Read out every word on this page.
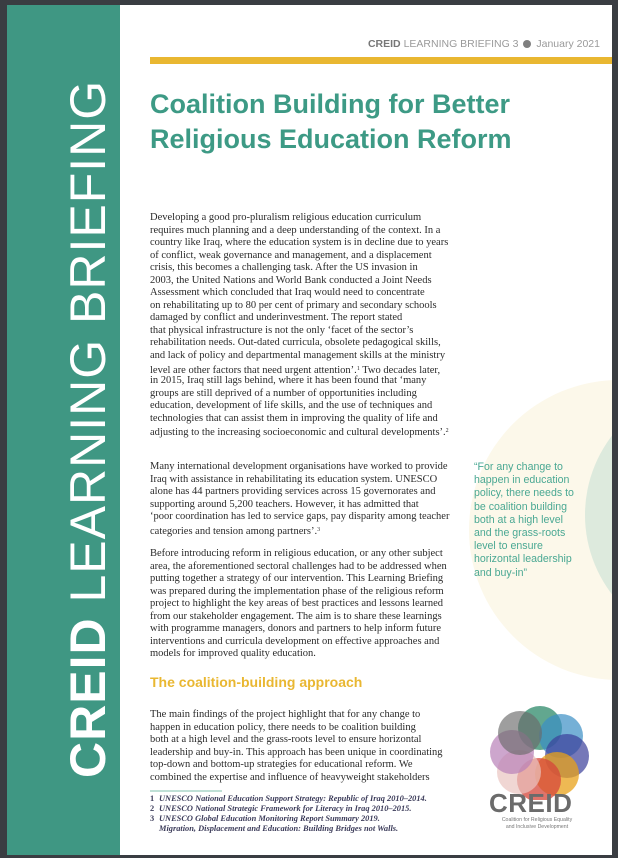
CREID LEARNING BRIEFING
CREID LEARNING BRIEFING 3 January 2021
Coalition Building for Better
Religious Education Reform
Developing a good pro-pluralism religious education curriculum
requires much planning and a deep understanding of the context. In a
country like Iraq, where the education system is in decline due to years
of conflict, weak governance and management, and a displacement
crisis, this becomes a challenging task. After the US invasion in
2003, the United Nations and World Bank conducted a Joint Needs
Assessment which concluded that Iraq would need to concentrate
on rehabilitating up to 80 per cent of primary and secondary schools
damaged by conflict and underinvestment. The report stated
that physical infrastructure is not the only ‘facet of the sector’s
rehabilitation needs. Out-dated curricula, obsolete pedagogical skills,
and lack of policy and departmental management skills at the ministry
level are other factors that need urgent attention’.$^1$ Two decades later,
in 2015, Iraq still lags behind, where it has been found that ‘many
groups are still deprived of a number of opportunities including
education, development of life skills, and the use of techniques and
technologies that can assist them in improving the quality of life and
adjusting to the increasing socioeconomic and cultural developments’.$^2$
Many international development organisations have worked to provide
Iraq with assistance in rehabilitating its education system. UNESCO
alone has 44 partners providing services across 15 governorates and
supporting around 5,200 teachers. However, it has admitted that
‘poor coordination has led to service gaps, pay disparity among teacher
categories and tension among partners’.$^3$
Before introducing reform in religious education, or any other subject
area, the aforementioned sectoral challenges had to be addressed when
putting together a strategy of our intervention. This Learning Briefing
was prepared during the implementation phase of the religious reform
project to highlight the key areas of best practices and lessons learned
from our stakeholder engagement. The aim is to share these learnings
with programme managers, donors and partners to help inform future
interventions and curricula development on effective approaches and
models for improved quality education.
The coalition-building approach
The main findings of the project highlight that for any change to
happen in education policy, there needs to be coalition building
both at a high level and the grass-roots level to ensure horizontal
leadership and buy-in. This approach has been unique in coordinating
top-down and bottom-up strategies for educational reform. We
combined the expertise and influence of heavyweight stakeholders
“For any change to
happen in education
policy, there needs to
be coalition building
both at a high level
and the grass-roots
level to ensure
horizontal leadership
and buy-in”
1 UNESCO National Education Support Strategy: Republic of Iraq 2010–2014.
2 UNESCO National Strategic Framework for Literacy in Iraq 2010–2015.
3 UNESCO Global Education Monitoring Report Summary 2019.
Migration, Displacement and Education: Building Bridges not Walls.
CREID
Coalition for Religious Equality
and Inclusive Development
